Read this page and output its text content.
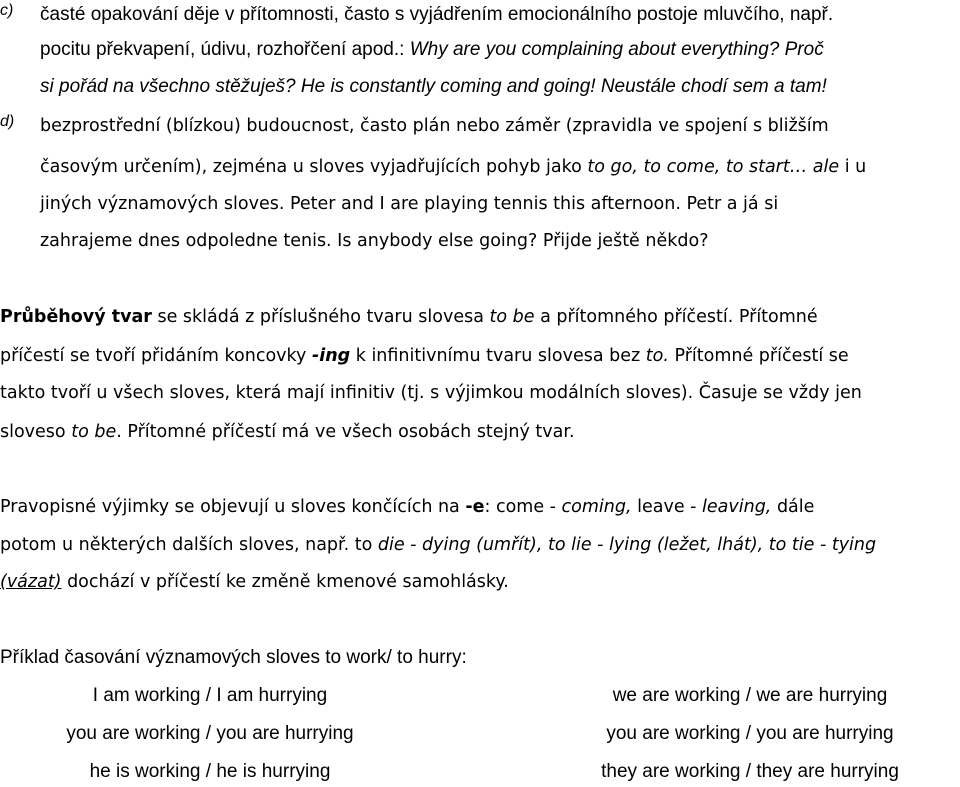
c)	časté opakování děje v přítomnosti, často s vyjádřením emocionálního postoje mluvčího, např.
pocitu překvapení, údivu, rozhořčení apod.: Why are you complaining about everything? Proč
si pořád na všechno stěžuješ? He is constantly coming and going! Neustále chodí sem a tam!
d)	bezprostřední (blízkou) budoucnost, často plán nebo záměr (zpravidla ve spojení s bližším
časovým určením), zejména u sloves vyjadřujících pohyb jako to go, to come, to start… ale i u
jiných významových sloves. Peter and I are playing tennis this afternoon. Petr a já si
zahrajeme dnes odpoledne tenis. Is anybody else going? Přijde ještě někdo?
Průběhový tvar se skládá z příslušného tvaru slovesa to be a přítomného příčestí. Přítomné
příčestí se tvoří přidáním koncovky -ing k infinitivnímu tvaru slovesa bez to. Přítomné příčestí se
takto tvoří u všech sloves, která mají infinitiv (tj. s výjimkou modálních sloves). Časuje se vždy jen
sloveso to be. Přítomné příčestí má ve všech osobách stejný tvar.
Pravopisné výjimky se objevují u sloves končících na -e: come - coming, leave - leaving, dále
potom u některých dalších sloves, např. to die - dying (umřít), to lie - lying (ležet, lhát), to tie - tying
(vázat) dochází v příčestí ke změně kmenové samohlásky.
Příklad časování významových sloves to work/ to hurry:
I am working / I am hurrying	we are working / we are hurrying
you are working / you are hurrying	you are working / you are hurrying
he is working / he is hurrying	they are working / they are hurrying
